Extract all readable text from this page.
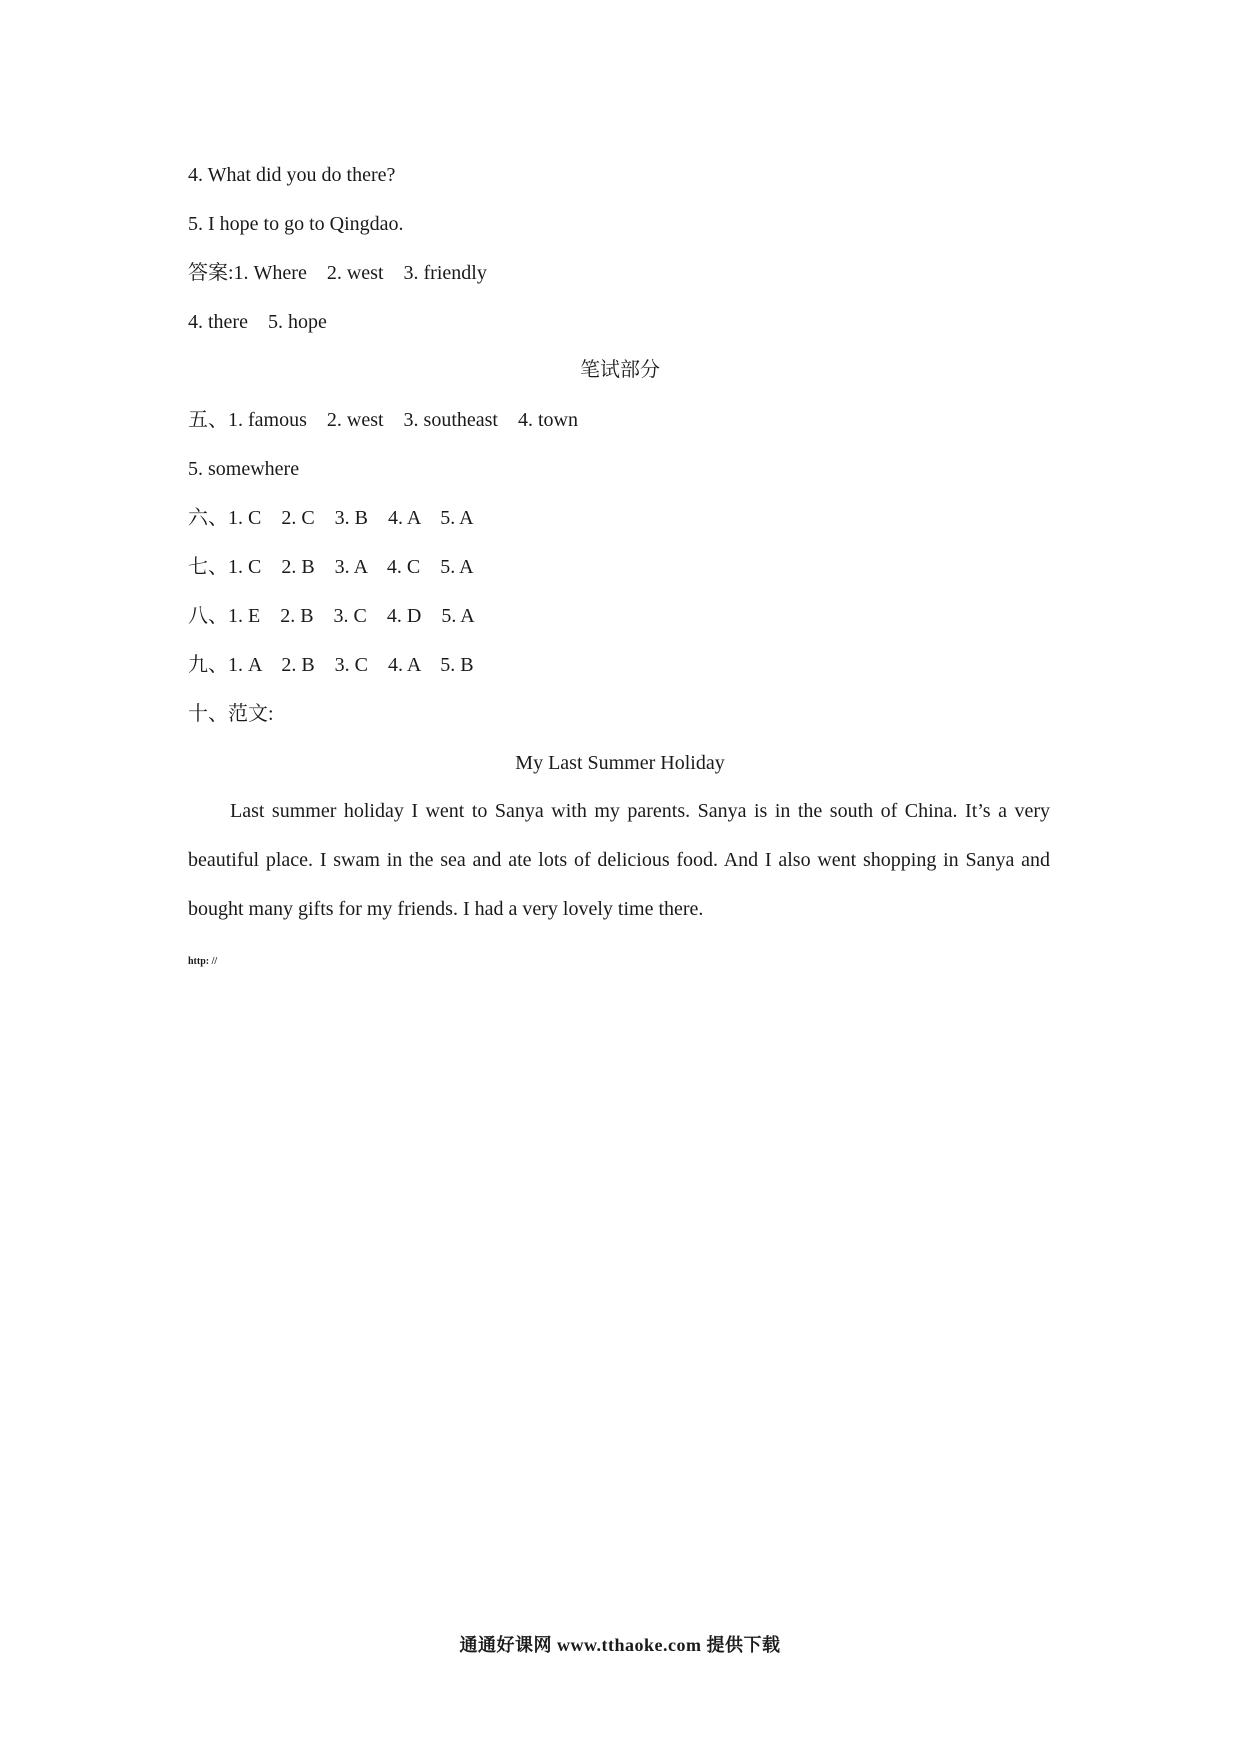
4. What did you do there?
5. I hope to go to Qingdao.
答案:1. Where    2. west    3. friendly
4. there    5. hope
笔试部分
五、1. famous    2. west    3. southeast    4. town
5. somewhere
六、1. C    2. C    3. B    4. A    5. A
七、1. C    2. B    3. A    4. C    5. A
八、1. E    2. B    3. C    4. D    5. A
九、1. A    2. B    3. C    4. A    5. B
十、范文:
My Last Summer Holiday
Last summer holiday I went to Sanya with my parents. Sanya is in the south of China. It’s a very beautiful place. I swam in the sea and ate lots of delicious food. And I also went shopping in Sanya and bought many gifts for my friends. I had a very lovely time there.
http: //
通通好课网 www.tthaoke.com 提供下载
